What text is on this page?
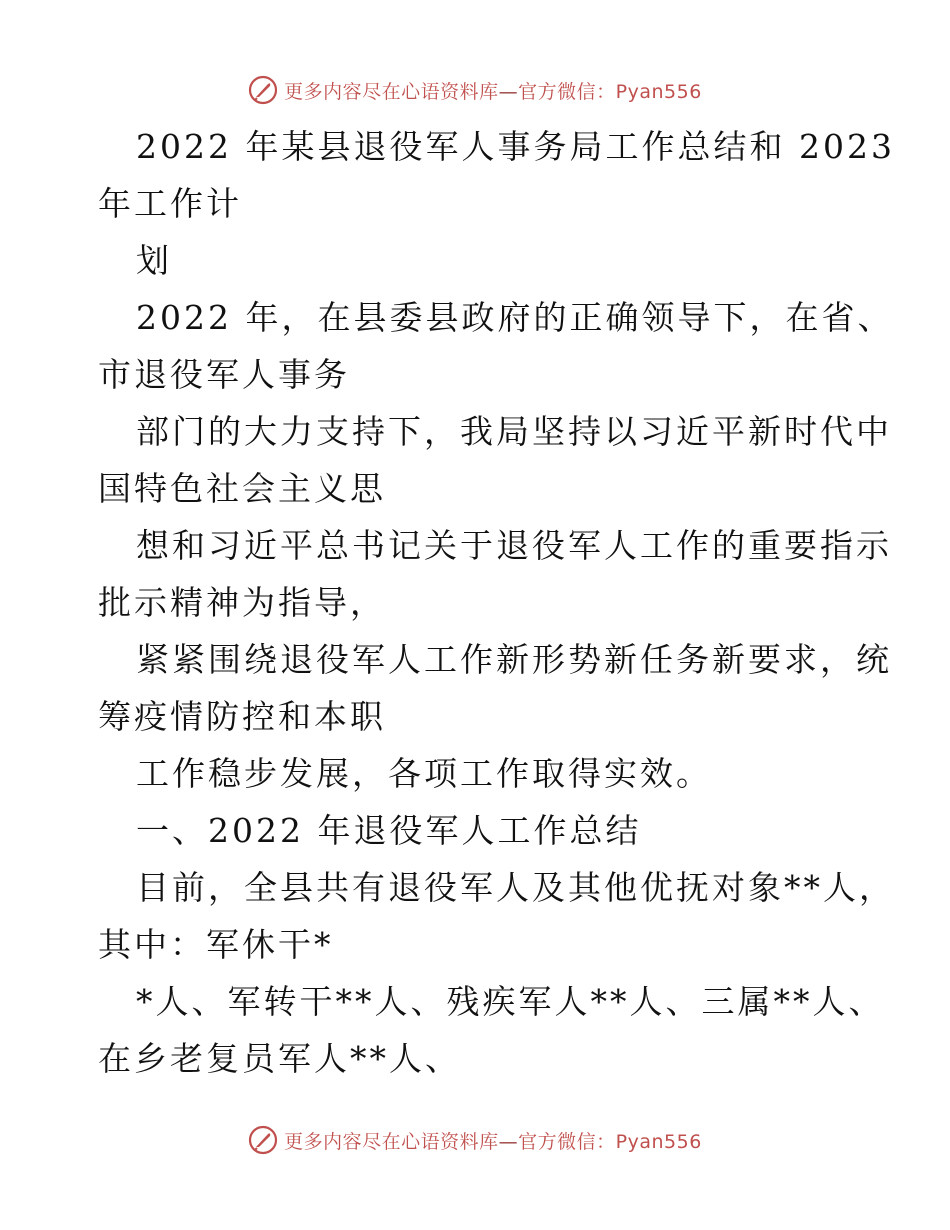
更多内容尽在心语资料库—官方微信：Pyan556
2022 年某县退役军人事务局工作总结和 2023
年工作计
划
2022 年，在县委县政府的正确领导下，在省、
市退役军人事务
部门的大力支持下，我局坚持以习近平新时代中
国特色社会主义思
想和习近平总书记关于退役军人工作的重要指示
批示精神为指导，
紧紧围绕退役军人工作新形势新任务新要求，统
筹疫情防控和本职
工作稳步发展，各项工作取得实效。
一、2022 年退役军人工作总结
目前，全县共有退役军人及其他优抚对象**人，
其中：军休干*
*人、军转干**人、残疾军人**人、三属**人、
在乡老复员军人**人、
更多内容尽在心语资料库—官方微信：Pyan556
